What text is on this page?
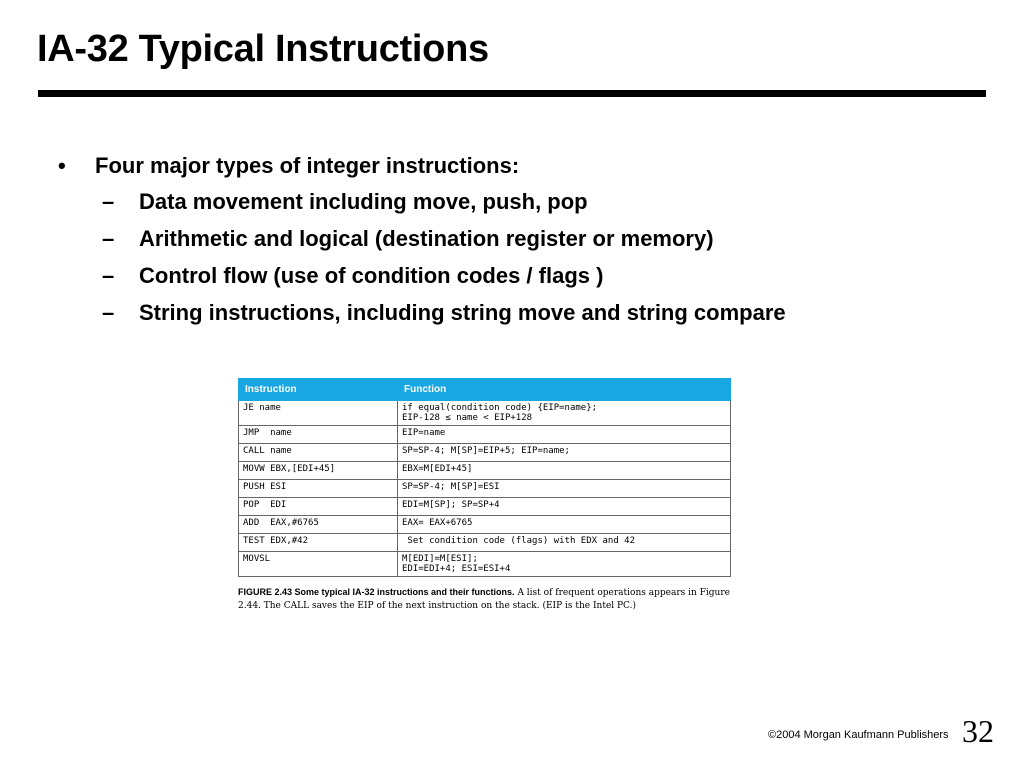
IA-32 Typical Instructions
• Four major types of integer instructions:
– Data movement including move, push, pop
– Arithmetic and logical (destination register or memory)
– Control flow (use of condition codes / flags )
– String instructions, including string move and string compare
Instruction	Function
JE name	if equal(condition code) {EIP=name};
EIP-128 ≤ name < EIP+128
JMP  name	EIP=name
CALL name	SP=SP-4; M[SP]=EIP+5; EIP=name;
MOVW EBX,[EDI+45]	EBX=M[EDI+45]
PUSH ESI	SP=SP-4; M[SP]=ESI
POP  EDI	EDI=M[SP]; SP=SP+4
ADD  EAX,#6765	EAX= EAX+6765
TEST EDX,#42	Set condition code (flags) with EDX and 42
MOVSL	M[EDI]=M[ESI];
EDI=EDI+4; ESI=ESI+4
FIGURE 2.43 Some typical IA-32 instructions and their functions. A list of frequent operations appears in Figure 2.44. The CALL saves the EIP of the next instruction on the stack. (EIP is the Intel PC.)
©2004 Morgan Kaufmann Publishers 32
